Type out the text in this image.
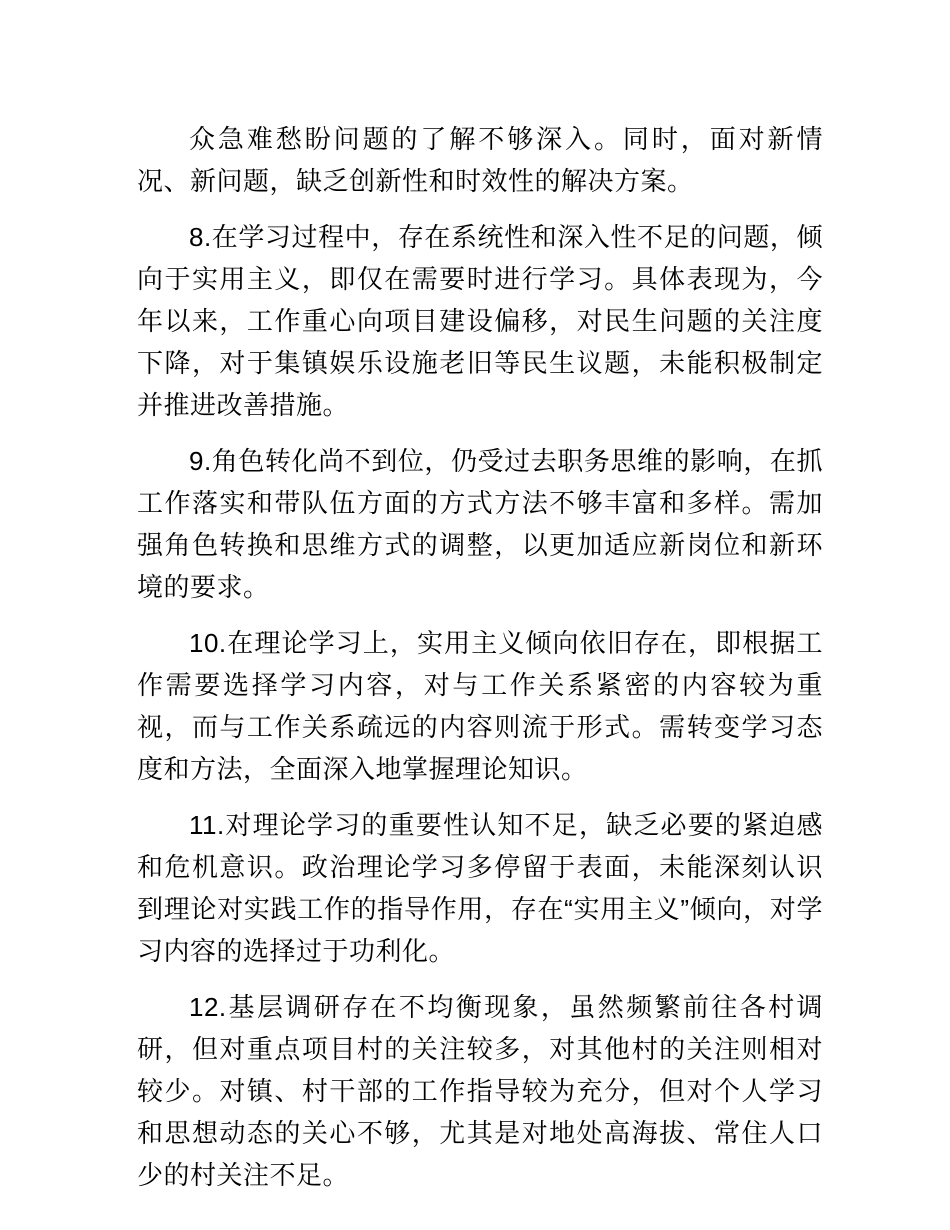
众急难愁盼问题的了解不够深入。同时，面对新情况、新问题，缺乏创新性和时效性的解决方案。

8.在学习过程中，存在系统性和深入性不足的问题，倾向于实用主义，即仅在需要时进行学习。具体表现为，今年以来，工作重心向项目建设偏移，对民生问题的关注度下降，对于集镇娱乐设施老旧等民生议题，未能积极制定并推进改善措施。

9.角色转化尚不到位，仍受过去职务思维的影响，在抓工作落实和带队伍方面的方式方法不够丰富和多样。需加强角色转换和思维方式的调整，以更加适应新岗位和新环境的要求。

10.在理论学习上，实用主义倾向依旧存在，即根据工作需要选择学习内容，对与工作关系紧密的内容较为重视，而与工作关系疏远的内容则流于形式。需转变学习态度和方法，全面深入地掌握理论知识。

11.对理论学习的重要性认知不足，缺乏必要的紧迫感和危机意识。政治理论学习多停留于表面，未能深刻认识到理论对实践工作的指导作用，存在“实用主义”倾向，对学习内容的选择过于功利化。

12.基层调研存在不均衡现象，虽然频繁前往各村调研，但对重点项目村的关注较多，对其他村的关注则相对较少。对镇、村干部的工作指导较为充分，但对个人学习和思想动态的关心不够，尤其是对地处高海拔、常住人口少的村关注不足。
